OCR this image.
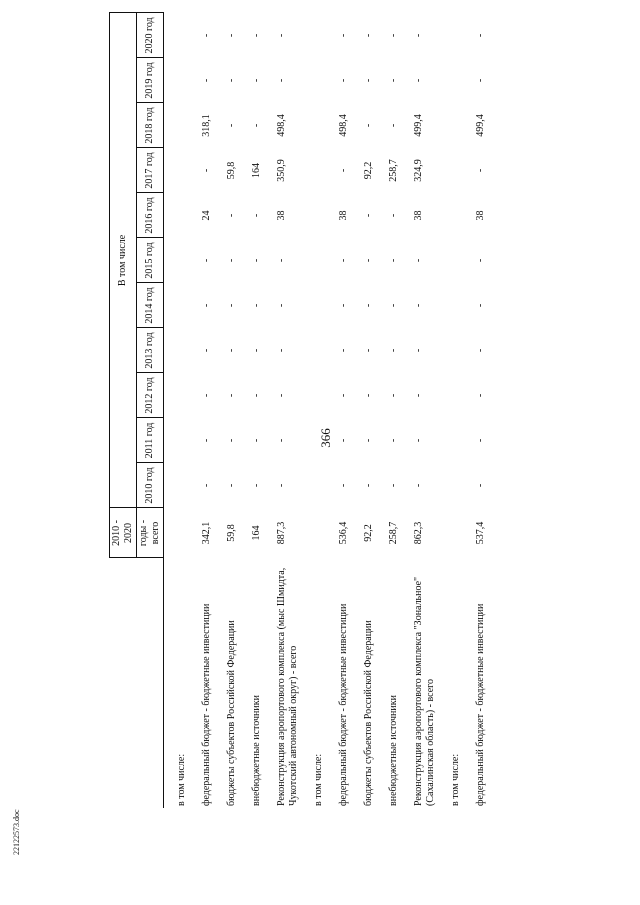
366
22122573.doc
	2010 - 2020	В том числе										
	годы - всего	2010 год	2011 год	2012 год	2013 год	2014 год	2015 год	2016 год	2017 год	2018 год	2019 год	2020 год
в том числе:												
федеральный бюджет - бюджетные инвестиции	342,1	-	-	-	-	-	-	24	-	318,1	-	-
бюджеты субъектов Российской Федерации	59,8	-	-	-	-	-	-	-	59,8	-	-	-
внебюджетные источники	164	-	-	-	-	-	-	-	164	-	-	-
Реконструкция аэропортового комплекса (мыс Шмидта, Чукотский автономный округ) - всего	887,3	-	-	-	-	-	-	38	350,9	498,4	-	-
в том числе:												
федеральный бюджет - бюджетные инвестиции	536,4	-	-	-	-	-	-	38	-	498,4	-	-
бюджеты субъектов Российской Федерации	92,2	-	-	-	-	-	-	-	92,2	-	-	-
внебюджетные источники	258,7	-	-	-	-	-	-	-	258,7	-	-	-
Реконструкция аэропортового комплекса "Зональное" (Сахалинская область) - всего	862,3	-	-	-	-	-	-	38	324,9	499,4	-	-
в том числе:												
федеральный бюджет - бюджетные инвестиции	537,4	-	-	-	-	-	-	38	-	499,4	-	-
